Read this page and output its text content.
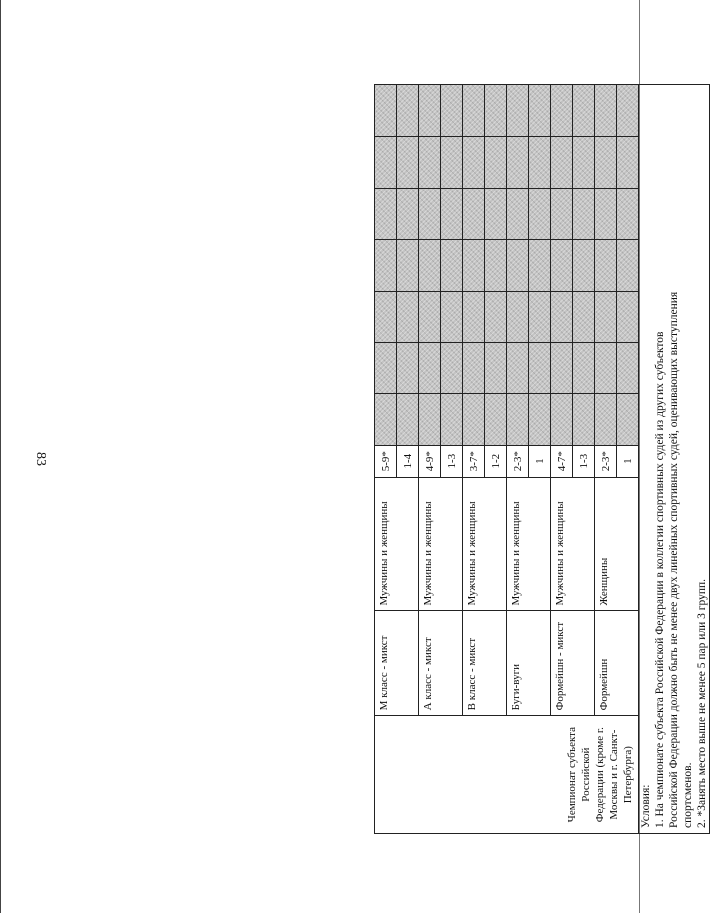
83
Чемпионат субъекта Российской Федерации (кроме г. Москвы и г. Санкт-Петербурга)	М класс - микст	Мужчины и женщины	5-9*							
			1-4							
	А класс - микст	Мужчины и женщины	4-9*							
			1-3							
	В класс - микст	Мужчины и женщины	3-7*							
			1-2							
	Буги-вуги	Мужчины и женщины	2-3*							
			1							
	Формейшн - микст	Мужчины и женщины	4-7*							
			1-3							
	Формейшн	Женщины	2-3*							
			1							

Условия: 1. На чемпионате субъекта Российской Федерации в коллегии спортивных судей из других субъектов Российской Федерации должно быть не менее двух линейных спортивных судей, оценивающих выступления спортсменов. 2. *Занять место выше не менее 5 пар или 3 групп.										
